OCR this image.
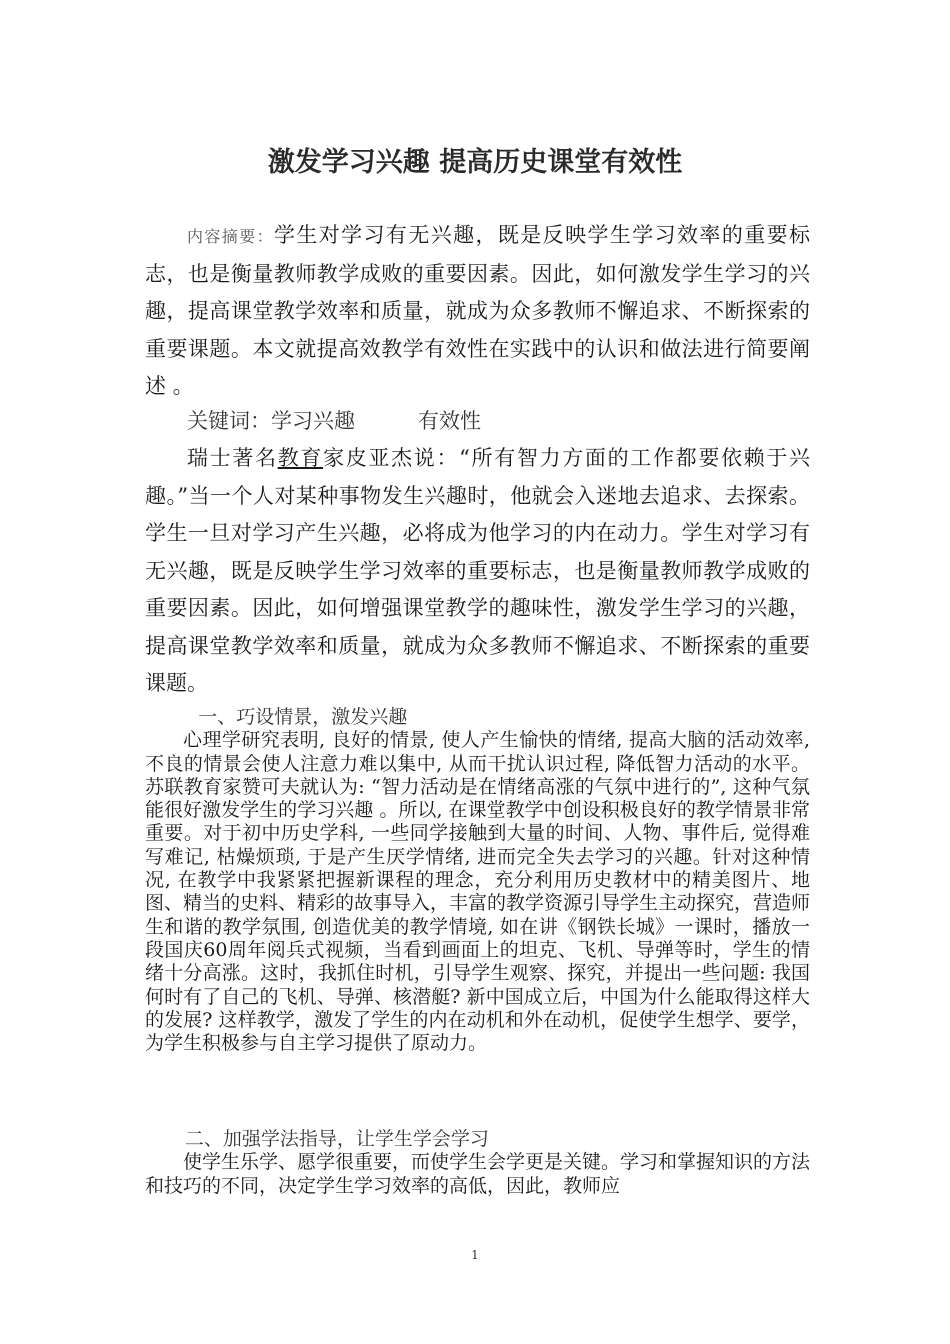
激发学习兴趣 提高历史课堂有效性

内容摘要：学生对学习有无兴趣，既是反映学生学习效率的重要标志，也是衡量教师教学成败的重要因素。因此，如何激发学生学习的兴趣，提高课堂教学效率和质量，就成为众多教师不懈追求、不断探索的重要课题。本文就提高效教学有效性在实践中的认识和做法进行简要阐述 。

关键词：学习兴趣　　　有效性

瑞士著名教育家皮亚杰说：“所有智力方面的工作都要依赖于兴趣。”当一个人对某种事物发生兴趣时，他就会入迷地去追求、去探索。学生一旦对学习产生兴趣，必将成为他学习的内在动力。学生对学习有无兴趣，既是反映学生学习效率的重要标志，也是衡量教师教学成败的重要因素。因此，如何增强课堂教学的趣味性，激发学生学习的兴趣，提高课堂教学效率和质量，就成为众多教师不懈追求、不断探索的重要课题。

一、巧设情景，激发兴趣

心理学研究表明, 良好的情景, 使人产生愉快的情绪, 提高大脑的活动效率, 不良的情景会使人注意力难以集中, 从而干扰认识过程, 降低智力活动的水平。苏联教育家赞可夫就认为: “智力活动是在情绪高涨的气氛中进行的”, 这种气氛能很好激发学生的学习兴趣 。所以, 在课堂教学中创设积极良好的教学情景非常重要。对于初中历史学科, 一些同学接触到大量的时间、人物、事件后, 觉得难写难记, 枯燥烦琐, 于是产生厌学情绪, 进而完全失去学习的兴趣。针对这种情况, 在教学中我紧紧把握新课程的理念，充分利用历史教材中的精美图片、地图、精当的史料、精彩的故事导入，丰富的教学资源引导学生主动探究，营造师生和谐的教学氛围, 创造优美的教学情境, 如在讲《钢铁长城》一课时，播放一段国庆60周年阅兵式视频，当看到画面上的坦克、飞机、导弹等时，学生的情绪十分高涨。这时，我抓住时机，引导学生观察、探究，并提出一些问题: 我国何时有了自己的飞机、导弹、核潜艇? 新中国成立后，中国为什么能取得这样大的发展? 这样教学，激发了学生的内在动机和外在动机，促使学生想学、要学，为学生积极参与自主学习提供了原动力。

二、加强学法指导，让学生学会学习

使学生乐学、愿学很重要，而使学生会学更是关键。学习和掌握知识的方法和技巧的不同，决定学生学习效率的高低，因此，教师应

1
